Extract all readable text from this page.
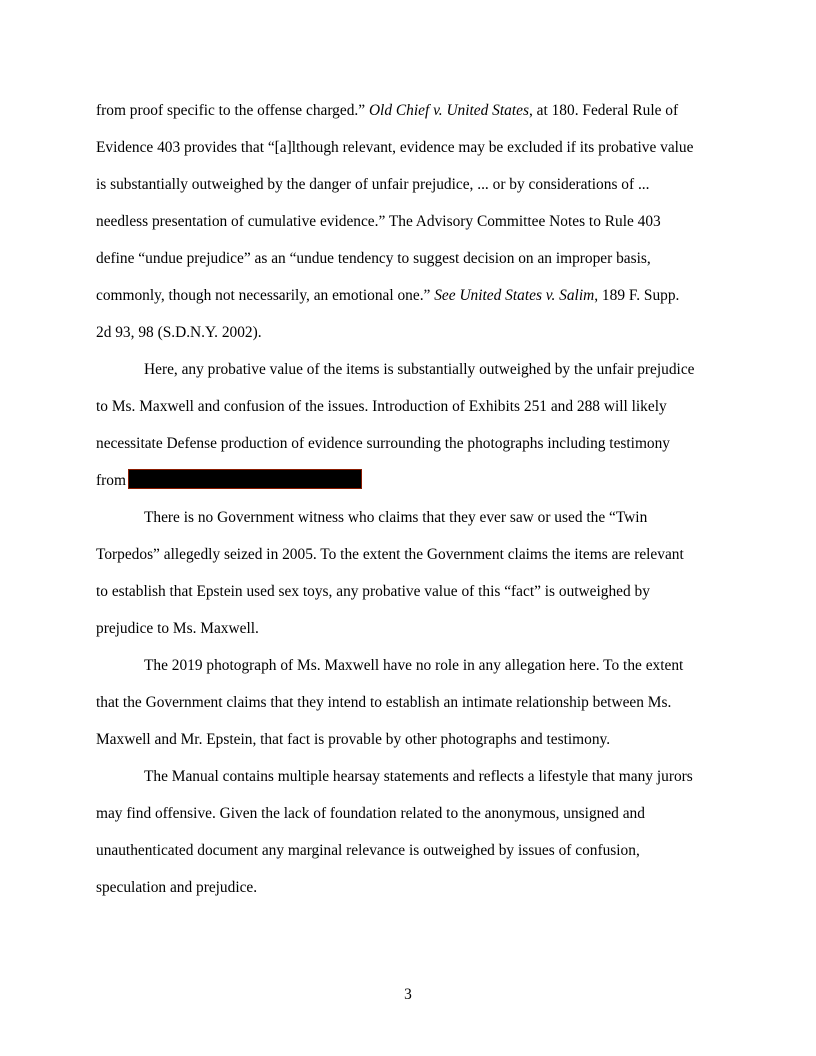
from proof specific to the offense charged.” Old Chief v. United States, at 180. Federal Rule of
Evidence 403 provides that “[a]lthough relevant, evidence may be excluded if its probative value
is substantially outweighed by the danger of unfair prejudice, ... or by considerations of ...
needless presentation of cumulative evidence.” The Advisory Committee Notes to Rule 403
define “undue prejudice” as an “undue tendency to suggest decision on an improper basis,
commonly, though not necessarily, an emotional one.” See United States v. Salim, 189 F. Supp.
2d 93, 98 (S.D.N.Y. 2002).
Here, any probative value of the items is substantially outweighed by the unfair prejudice
to Ms. Maxwell and confusion of the issues. Introduction of Exhibits 251 and 288 will likely
necessitate Defense production of evidence surrounding the photographs including testimony
from
There is no Government witness who claims that they ever saw or used the “Twin
Torpedos” allegedly seized in 2005. To the extent the Government claims the items are relevant
to establish that Epstein used sex toys, any probative value of this “fact” is outweighed by
prejudice to Ms. Maxwell.
The 2019 photograph of Ms. Maxwell have no role in any allegation here. To the extent
that the Government claims that they intend to establish an intimate relationship between Ms.
Maxwell and Mr. Epstein, that fact is provable by other photographs and testimony.
The Manual contains multiple hearsay statements and reflects a lifestyle that many jurors
may find offensive. Given the lack of foundation related to the anonymous, unsigned and
unauthenticated document any marginal relevance is outweighed by issues of confusion,
speculation and prejudice.
3
